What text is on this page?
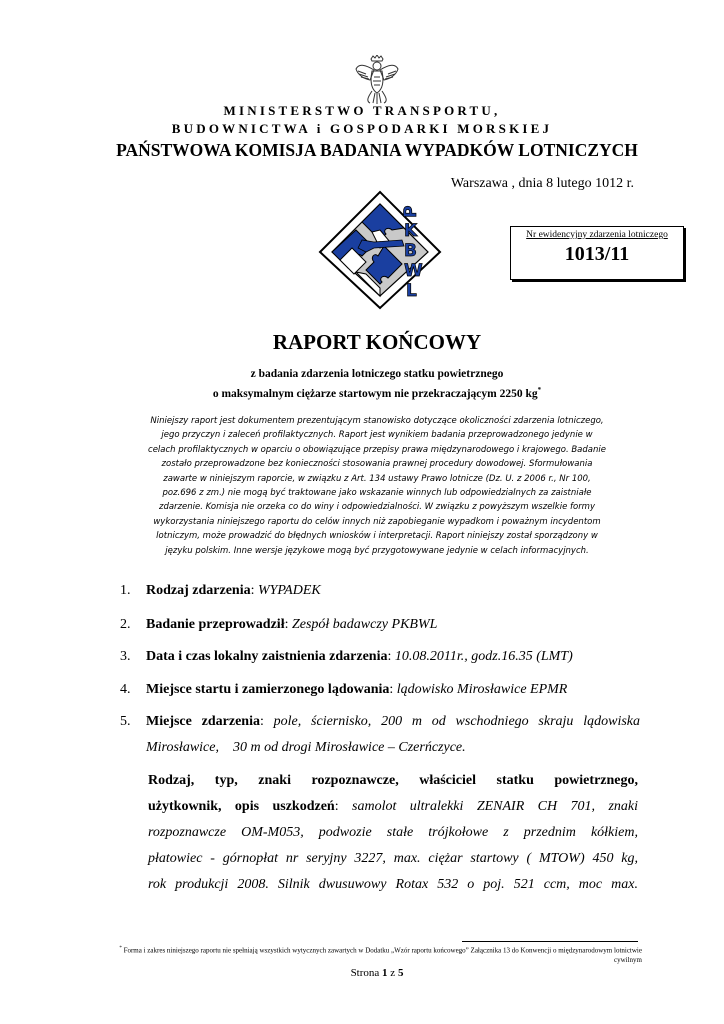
MINISTERSTWO TRANSPORTU,
BUDOWNICTWA i GOSPODARKI MORSKIEJ
PAŃSTWOWA KOMISJA BADANIA WYPADKÓW LOTNICZYCH
Warszawa , dnia 8 lutego 1012 r.
P
K
B
W
L
Nr ewidencyjny zdarzenia lotniczego
1013/11
RAPORT KOŃCOWY
z badania zdarzenia lotniczego statku powietrznego
o maksymalnym ciężarze startowym nie przekraczającym 2250 kg*
Niniejszy raport jest dokumentem prezentującym stanowisko dotyczące okoliczności zdarzenia lotniczego, jego przyczyn i zaleceń profilaktycznych. Raport jest wynikiem badania przeprowadzonego jedynie w celach profilaktycznych w oparciu o obowiązujące przepisy prawa międzynarodowego i krajowego. Badanie zostało przeprowadzone bez konieczności stosowania prawnej procedury dowodowej. Sformułowania zawarte w niniejszym raporcie, w związku z Art. 134 ustawy Prawo lotnicze (Dz. U. z 2006 r., Nr 100, poz.696 z zm.) nie mogą być traktowane jako wskazanie winnych lub odpowiedzialnych za zaistniałe zdarzenie. Komisja nie orzeka co do winy i odpowiedzialności. W związku z powyższym wszelkie formy wykorzystania niniejszego raportu do celów innych niż zapobieganie wypadkom i poważnym incydentom lotniczym, może prowadzić do błędnych wniosków i interpretacji. Raport niniejszy został sporządzony w języku polskim. Inne wersje językowe mogą być przygotowywane jedynie w celach informacyjnych.
1. Rodzaj zdarzenia: WYPADEK
2. Badanie przeprowadził: Zespół badawczy PKBWL
3. Data i czas lokalny zaistnienia zdarzenia: 10.08.2011r., godz.16.35 (LMT)
4. Miejsce startu i zamierzonego lądowania: lądowisko Mirosławice EPMR
5. Miejsce zdarzenia: pole, ściernisko, 200 m od wschodniego skraju lądowiska
Mirosławice,    30 m od drogi Mirosławice – Czerńczyce.
Rodzaj, typ, znaki rozpoznawcze, właściciel statku powietrznego,
użytkownik, opis uszkodzeń: samolot ultralekki ZENAIR CH 701, znaki
rozpoznawcze OM-M053, podwozie stałe trójkołowe z przednim kółkiem,
płatowiec - górnopłat nr seryjny 3227, max. ciężar startowy ( MTOW) 450 kg,
rok produkcji 2008. Silnik dwusuwowy Rotax 532 o poj. 521 ccm, moc max.
* Forma i zakres niniejszego raportu nie spełniają wszystkich wytycznych zawartych w Dodatku „Wzór raportu końcowego” Załącznika 13 do Konwencji o międzynarodowym lotnictwie cywilnym
Strona 1 z 5
